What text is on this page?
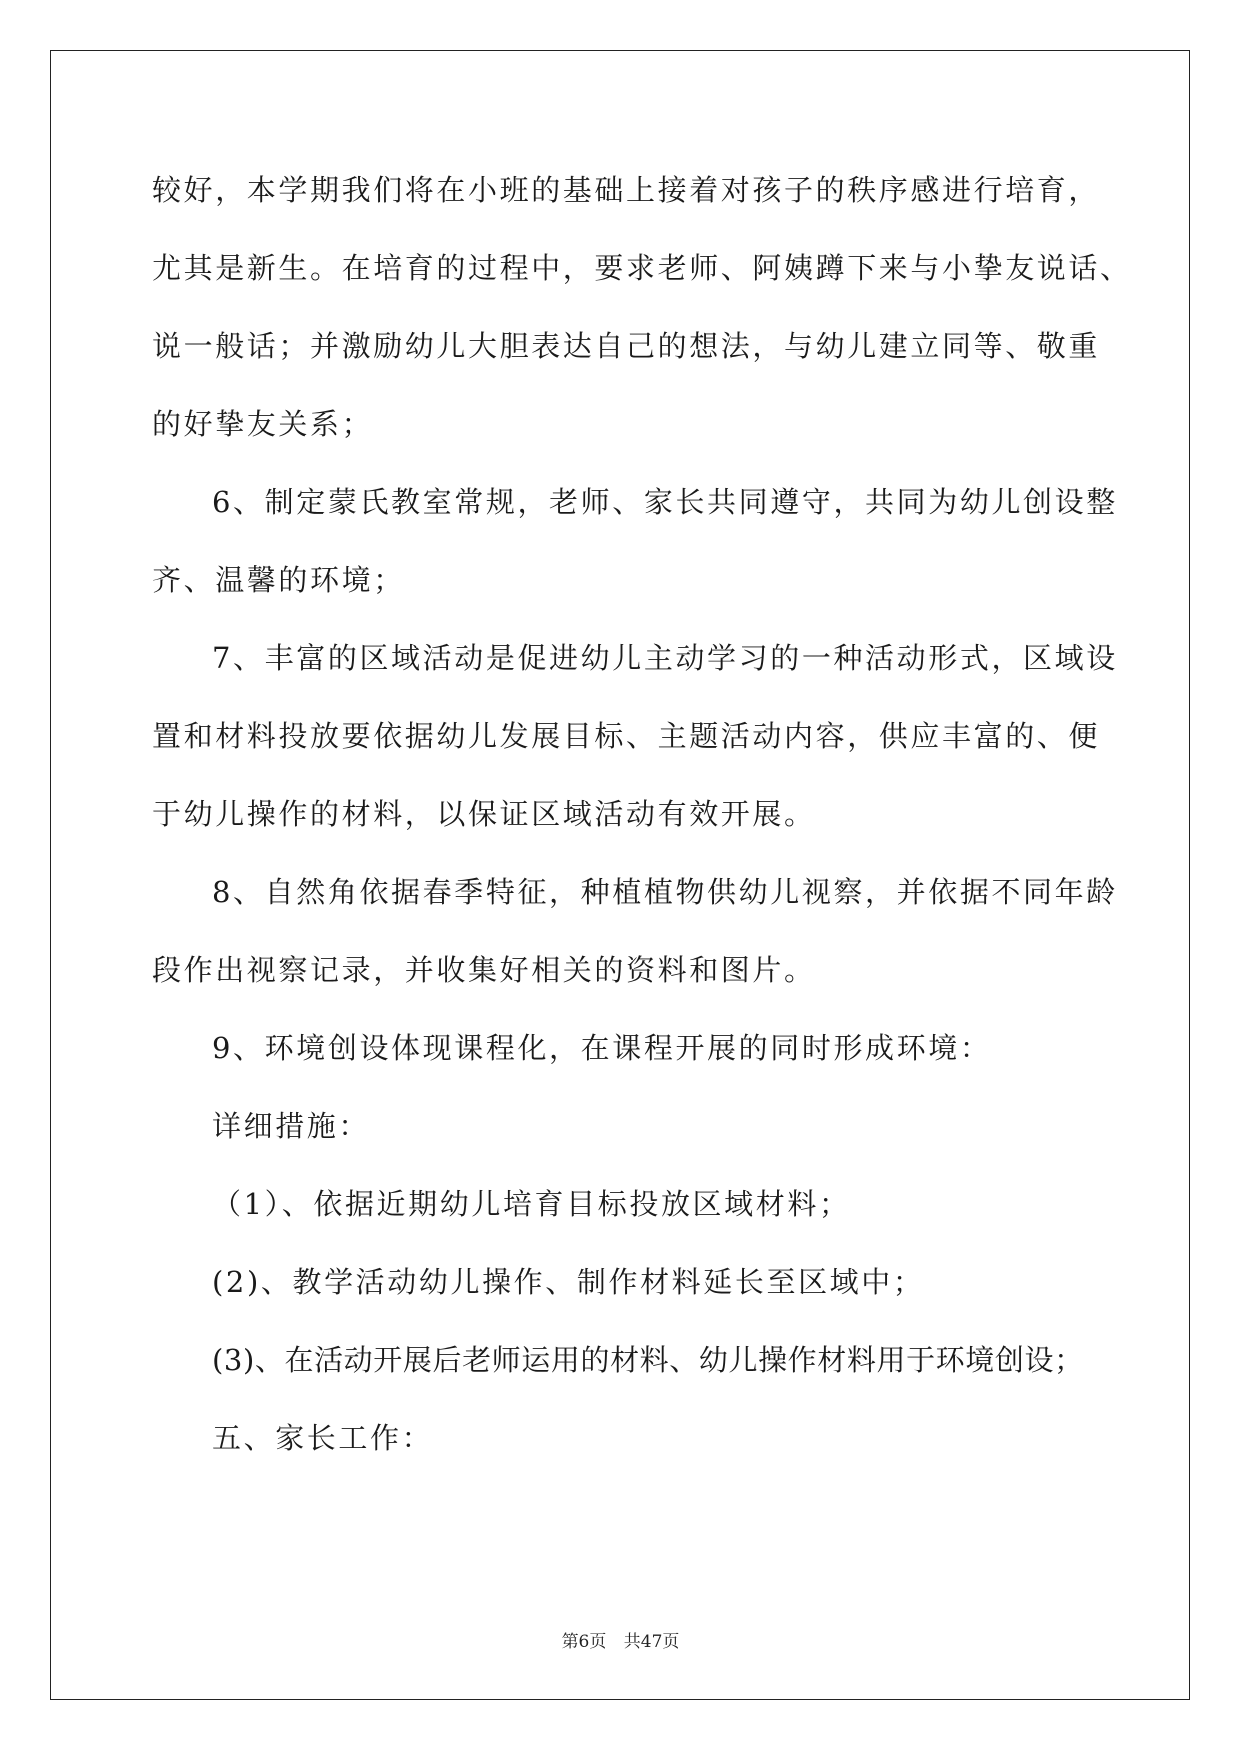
较好，本学期我们将在小班的基础上接着对孩子的秩序感进行培育，
尤其是新生。在培育的过程中，要求老师、阿姨蹲下来与小挚友说话、
说一般话；并激励幼儿大胆表达自己的想法，与幼儿建立同等、敬重
的好挚友关系；
6、制定蒙氏教室常规，老师、家长共同遵守，共同为幼儿创设整
齐、温馨的环境；
7、丰富的区域活动是促进幼儿主动学习的一种活动形式，区域设
置和材料投放要依据幼儿发展目标、主题活动内容，供应丰富的、便
于幼儿操作的材料，以保证区域活动有效开展。
8、自然角依据春季特征，种植植物供幼儿视察，并依据不同年龄
段作出视察记录，并收集好相关的资料和图片。
9、环境创设体现课程化，在课程开展的同时形成环境：
详细措施：
（1）、依据近期幼儿培育目标投放区域材料；
(2)、教学活动幼儿操作、制作材料延长至区域中；
(3)、在活动开展后老师运用的材料、幼儿操作材料用于环境创设；
五、家长工作：
第6页 共47页
